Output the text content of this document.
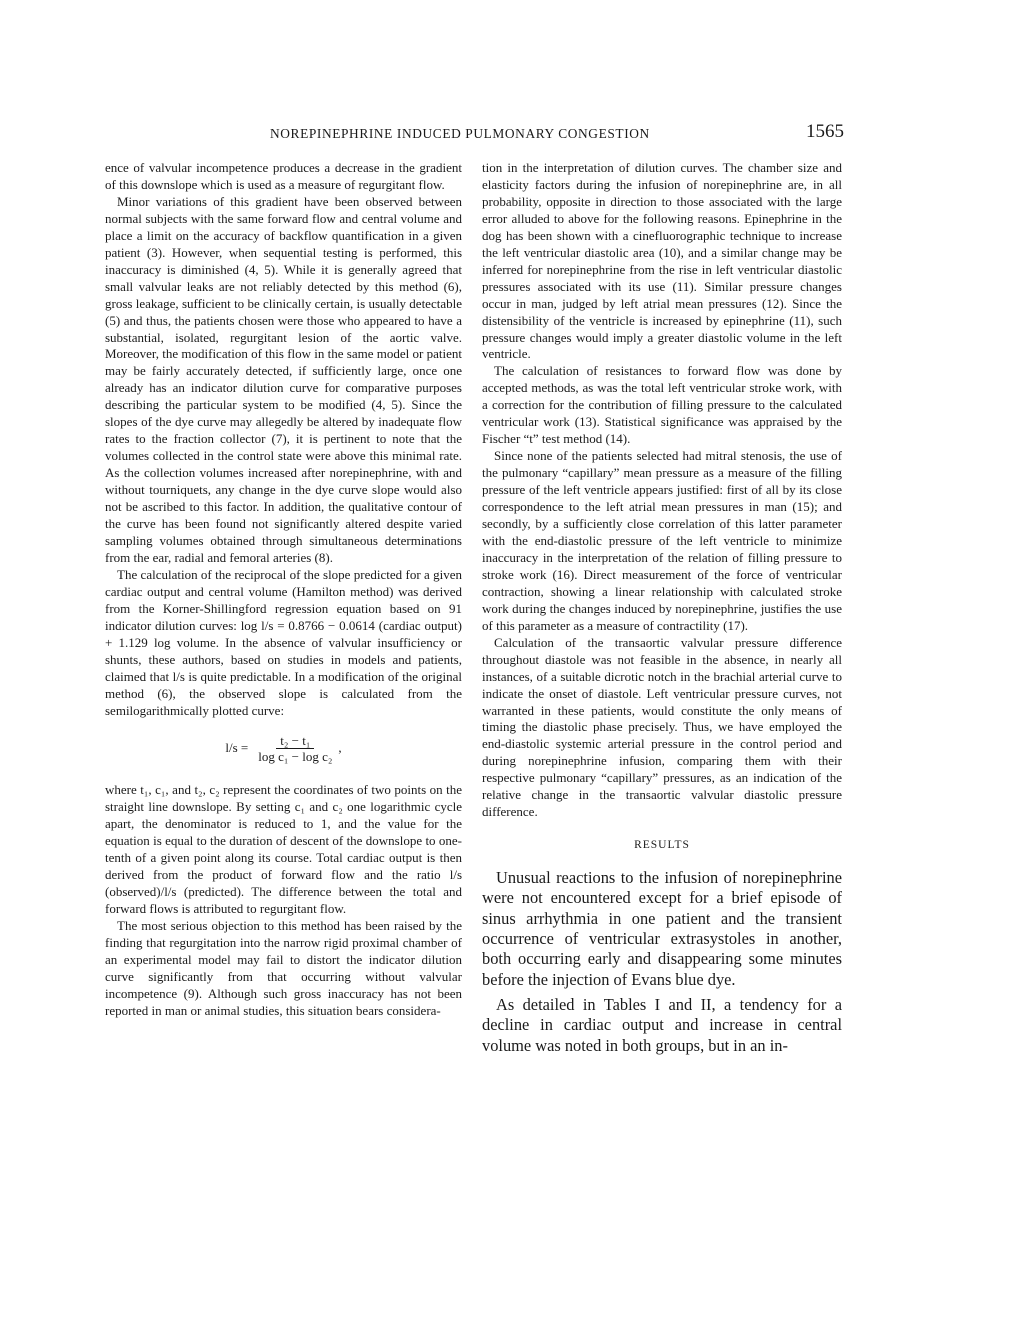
NOREPINEPHRINE INDUCED PULMONARY CONGESTION	1565

ence of valvular incompetence produces a decrease in the gradient of this downslope which is used as a measure of regurgitant flow.

Minor variations of this gradient have been observed between normal subjects with the same forward flow and central volume and place a limit on the accuracy of backflow quantification in a given patient (3). However, when sequential testing is performed, this inaccuracy is diminished (4, 5). While it is generally agreed that small valvular leaks are not reliably detected by this method (6), gross leakage, sufficient to be clinically certain, is usually detectable (5) and thus, the patients chosen were those who appeared to have a substantial, isolated, regurgitant lesion of the aortic valve. Moreover, the modification of this flow in the same model or patient may be fairly accurately detected, if sufficiently large, once one already has an indicator dilution curve for comparative purposes describing the particular system to be modified (4, 5). Since the slopes of the dye curve may allegedly be altered by inadequate flow rates to the fraction collector (7), it is pertinent to note that the volumes collected in the control state were above this minimal rate. As the collection volumes increased after norepinephrine, with and without tourniquets, any change in the dye curve slope would also not be ascribed to this factor. In addition, the qualitative contour of the curve has been found not significantly altered despite varied sampling volumes obtained through simultaneous determinations from the ear, radial and femoral arteries (8).

The calculation of the reciprocal of the slope predicted for a given cardiac output and central volume (Hamilton method) was derived from the Korner-Shillingford regression equation based on 91 indicator dilution curves: log l/s = 0.8766 − 0.0614 (cardiac output) + 1.129 log volume. In the absence of valvular insufficiency or shunts, these authors, based on studies in models and patients, claimed that l/s is quite predictable. In a modification of the original method (6), the observed slope is calculated from the semilogarithmically plotted curve:

$l/s = \frac{\text{t₂ − t₁}}{\text{log c₁ − log c₂}}$ ,

where t₁, c₁, and t₂, c₂ represent the coordinates of two points on the straight line downslope. By setting c₁ and c₂ one logarithmic cycle apart, the denominator is reduced to 1, and the value for the equation is equal to the duration of descent of the downslope to one-tenth of a given point along its course. Total cardiac output is then derived from the product of forward flow and the ratio l/s (observed)/l/s (predicted). The difference between the total and forward flows is attributed to regurgitant flow.

The most serious objection to this method has been raised by the finding that regurgitation into the narrow rigid proximal chamber of an experimental model may fail to distort the indicator dilution curve significantly from that occurring without valvular incompetence (9). Although such gross inaccuracy has not been reported in man or animal studies, this situation bears considera-

tion in the interpretation of dilution curves. The chamber size and elasticity factors during the infusion of norepinephrine are, in all probability, opposite in direction to those associated with the large error alluded to above for the following reasons. Epinephrine in the dog has been shown with a cinefluorographic technique to increase the left ventricular diastolic area (10), and a similar change may be inferred for norepinephrine from the rise in left ventricular diastolic pressures associated with its use (11). Similar pressure changes occur in man, judged by left atrial mean pressures (12). Since the distensibility of the ventricle is increased by epinephrine (11), such pressure changes would imply a greater diastolic volume in the left ventricle.

The calculation of resistances to forward flow was done by accepted methods, as was the total left ventricular stroke work, with a correction for the contribution of filling pressure to the calculated ventricular work (13). Statistical significance was appraised by the Fischer “t” test method (14).

Since none of the patients selected had mitral stenosis, the use of the pulmonary “capillary” mean pressure as a measure of the filling pressure of the left ventricle appears justified: first of all by its close correspondence to the left atrial mean pressures in man (15); and secondly, by a sufficiently close correlation of this latter parameter with the end-diastolic pressure of the left ventricle to minimize inaccuracy in the interpretation of the relation of filling pressure to stroke work (16). Direct measurement of the force of ventricular contraction, showing a linear relationship with calculated stroke work during the changes induced by norepinephrine, justifies the use of this parameter as a measure of contractility (17).

Calculation of the transaortic valvular pressure difference throughout diastole was not feasible in the absence, in nearly all instances, of a suitable dicrotic notch in the brachial arterial curve to indicate the onset of diastole. Left ventricular pressure curves, not warranted in these patients, would constitute the only means of timing the diastolic phase precisely. Thus, we have employed the end-diastolic systemic arterial pressure in the control period and during norepinephrine infusion, comparing them with their respective pulmonary “capillary” pressures, as an indication of the relative change in the transaortic valvular diastolic pressure difference.

RESULTS

Unusual reactions to the infusion of norepinephrine were not encountered except for a brief episode of sinus arrhythmia in one patient and the transient occurrence of ventricular extrasystoles in another, both occurring early and disappearing some minutes before the injection of Evans blue dye.

As detailed in Tables I and II, a tendency for a decline in cardiac output and increase in central volume was noted in both groups, but in an in-
